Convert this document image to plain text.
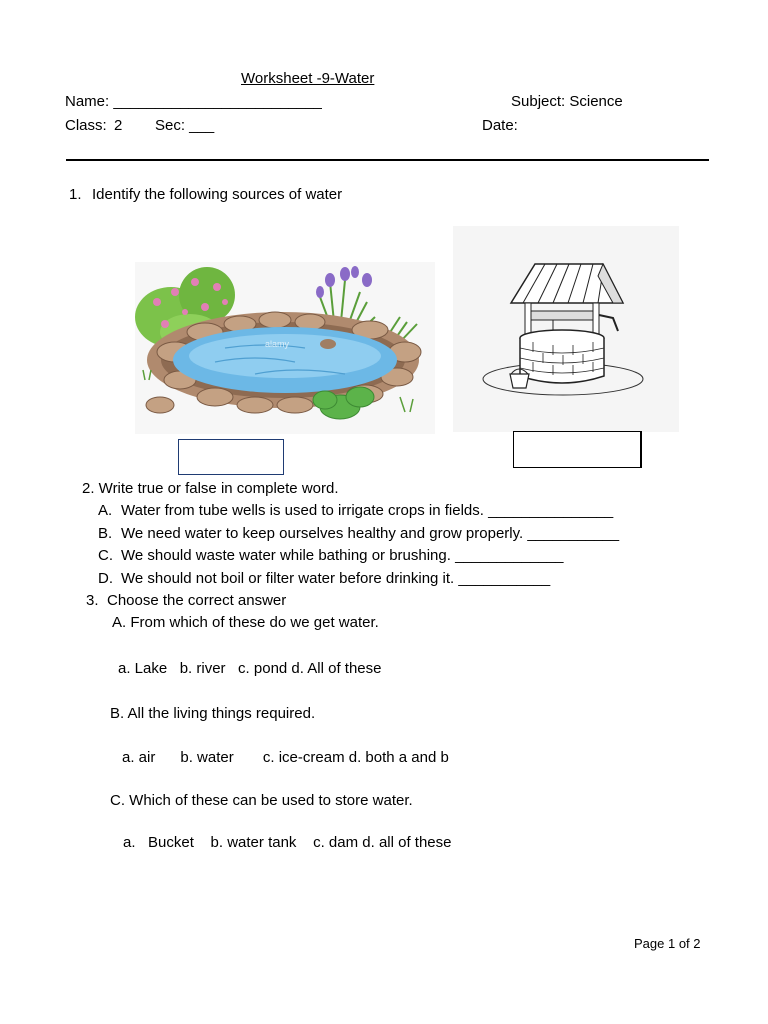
Worksheet -9-Water
Name: _________________________	Subject: Science
Class: 2 Sec: ___	Date:
1. Identify the following sources of water
alamy
2. Write true or false in complete word.
A. Water from tube wells is used to irrigate crops in fields. _______________
B. We need water to keep ourselves healthy and grow properly. ___________
C. We should waste water while bathing or brushing. _____________
D. We should not boil or filter water before drinking it. ___________
3. Choose the correct answer
A. From which of these do we get water.
a. Lake   b. river   c. pond d. All of these
B. All the living things required.
a. air      b. water       c. ice-cream d. both a and b
C. Which of these can be used to store water.
a.   Bucket    b. water tank    c. dam d. all of these
Page 1 of 2
